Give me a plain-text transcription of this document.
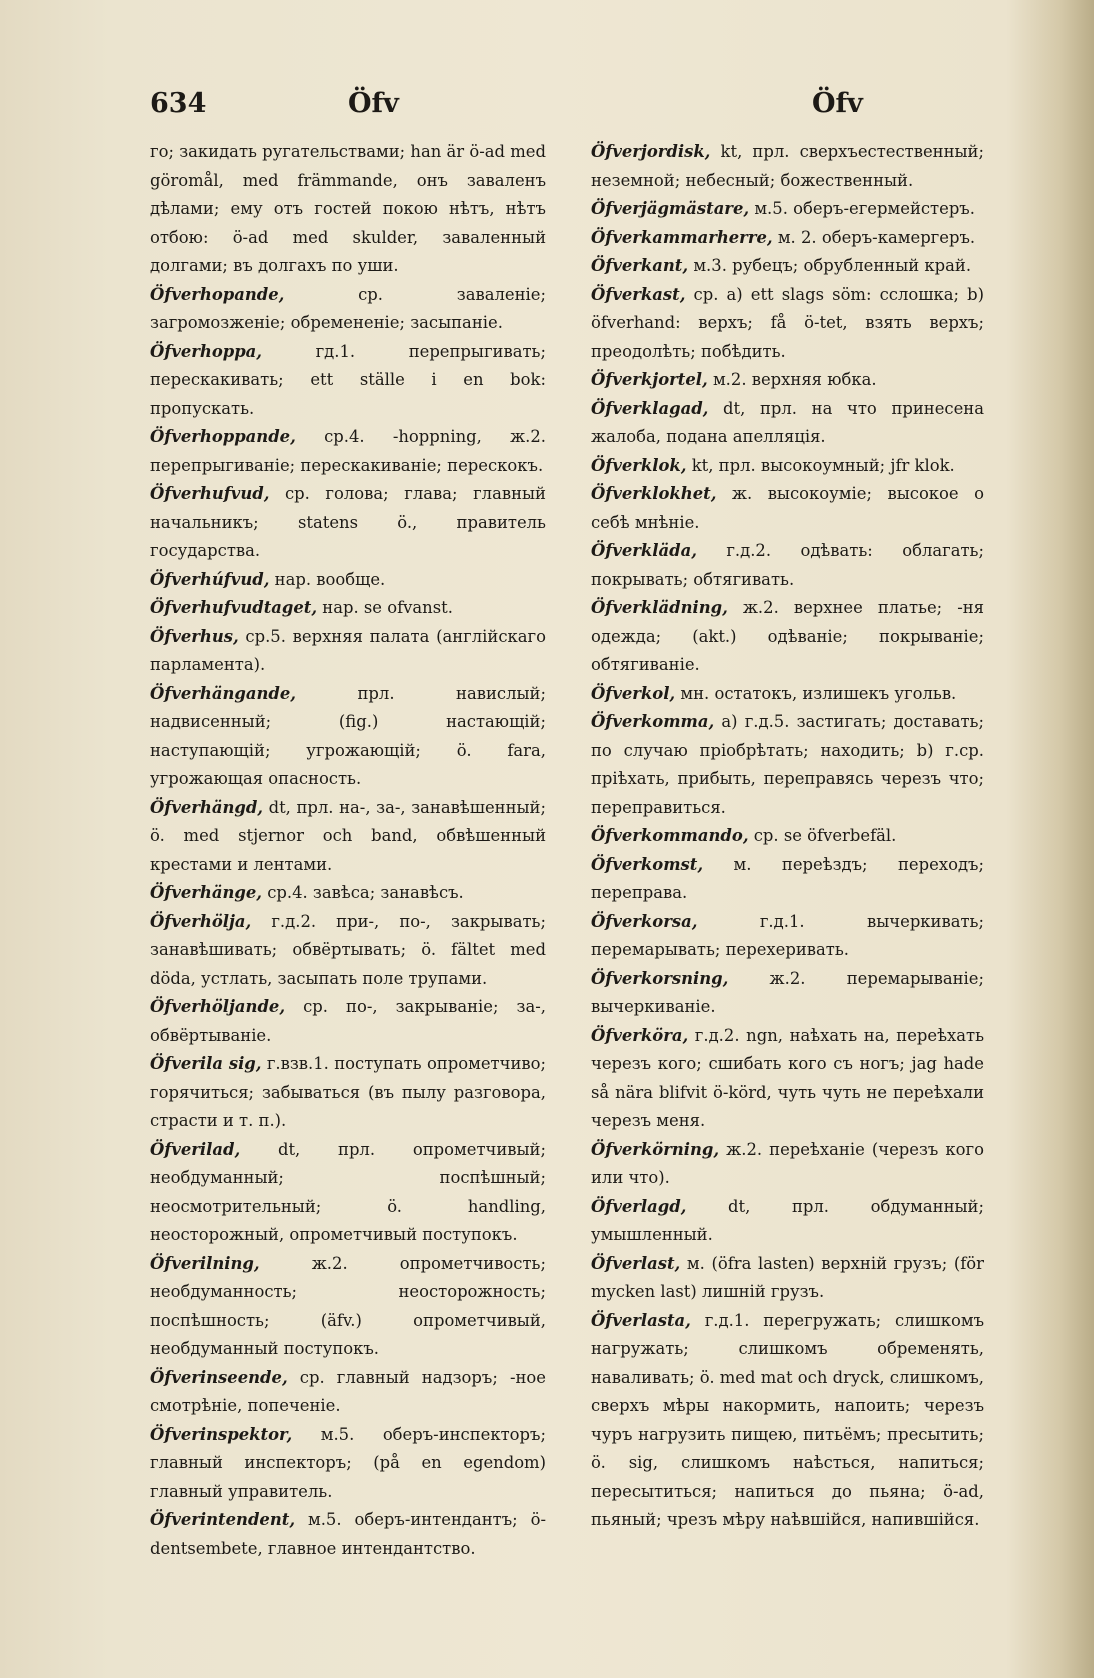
634	Öfv	Öfv

го; закидать ругательствами; han är ö-ad med göromål, med främmande, онъ заваленъ дѣлами; ему отъ гостей покою нѣтъ, нѣтъ отбою: ö-ad med skulder, заваленный долгами; въ долгахъ по уши.

Öfverhopande,	ср. заваленіе; загромозженіе; обремененіе; засыпаніе.

Öfverhoppa,	гд.1. перепрыгивать; перескакивать; ett ställe i en bok: пропускать.

Öfverhoppande, ср.4. -hoppning, ж.2. перепрыгиваніе; перескакиваніе; перескокъ.

Öfverhufvud, ср. голова; глава; главный начальникъ; statens ö., правитель государства.

Öfverhúfvud, нар. вообще.

Öfverhufvudtaget, нар. se ofvanst.

Öfverhus, ср.5. верхняя палата (англійскаго парламента).

Öfverhängande,	прл. навислый; надвисенный; (fig.) настающій; наступающій; угрожающій; ö. fara, угрожающая опасность.

Öfverhängd, dt, прл. на-, за-, занавѣшенный; ö. med stjernor och band, обвѣшенный крестами и лентами.

Öfverhänge, ср.4. завѣса; занавѣсъ.

Öfverhölja, г.д.2. при-, по-, закрывать; занавѣшивать; обвёртывать; ö. fältet med döda, устлать, засыпать поле трупами.

Öfverhöljande, ср. по-, закрываніе; за-, обвёртываніе.

Öfverila sig, г.взв.1. поступать опрометчиво; горячиться; забываться (въ пылу разговора, страсти и т. п.).

Öfverilad, dt, прл. опрометчивый; необдуманный; поспѣшный; неосмотрительный; ö. handling, неосторожный, опрометчивый поступокъ.

Öfverilning,	ж.2. опрометчивость; необдуманность; неосторожность; поспѣшность; (äfv.) опрометчивый, необдуманный поступокъ.

Öfverinseende, ср. главный надзоръ; -ное смотрѣніе, попеченіе.

Öfverinspektor, м.5. оберъ-инспекторъ; главный инспекторъ; (på en egendom) главный управитель.

Öfverintendent, м.5. оберъ-интендантъ; ö-dentsembete, главное интендантство.

Öfverjordisk, kt, прл. сверхъестественный; неземной; небесный; божественный.

Öfverjägmästare, м.5. оберъ-егермейстеръ.

Öfverkammarherre, м. 2. оберъ-камергеръ.

Öfverkant, м.3. рубецъ; обрубленный край.

Öfverkast, ср. a) ett slags söm: сслошка; b) öfverhand: верхъ; få ö-tet, взять верхъ; преодолѣть; побѣдить.

Öfverkjortel, м.2. верхняя юбка.

Öfverklagad, dt, прл. на что принесена жалоба, подана апелляція.

Öfverklok, kt, прл. высокоумный; jfr klok.

Öfverklokhet, ж. высокоуміе; высокое о себѣ мнѣніе.

Öfverkläda, г.д.2. одѣвать: облагать; покрывать; обтягивать.

Öfverklädning, ж.2. верхнее платье; -ня одежда; (akt.) одѣваніе; покрываніе; обтягиваніе.

Öfverkol, мн. остатокъ, излишекъ угольв.

Öfverkomma, a) г.д.5. застигать; доставать; по случаю пріобрѣтать; находить; b) г.ср. пріѣхать, прибыть, переправясь черезъ что; переправиться.

Öfverkommando, ср. se öfverbefäl.

Öfverkomst, м. переѣздъ; переходъ; переправа.

Öfverkorsa,	г.д.1. вычеркивать; перемарывать; перехеривать.

Öfverkorsning,	ж.2. перемарываніе; вычеркиваніе.

Öfverköra, г.д.2. ngn, наѣхать на, переѣхать черезъ кого; сшибать кого съ ногъ; jag hade så nära blifvit ö-körd, чуть чуть не переѣхали черезъ меня.

Öfverkörning, ж.2. переѣханіе (черезъ кого или что).

Öfverlagd,	dt, прл. обдуманный; умышленный.

Öfverlast, м. (öfra lasten) верхній грузъ; (för mycken last) лишній грузъ.

Öfverlasta, г.д.1. перегружать; слишкомъ нагружать; слишкомъ обременять, наваливать; ö. med mat och dryck, слишкомъ, сверхъ мѣры накормить, напоить; черезъ чуръ нагрузить пищею, питьёмъ; пресытить; ö. sig, слишкомъ наѣсться, напиться; пересытиться; напиться до пьяна; ö-ad, пьяный; чрезъ мѣру наѣвшійся, напившійся.
